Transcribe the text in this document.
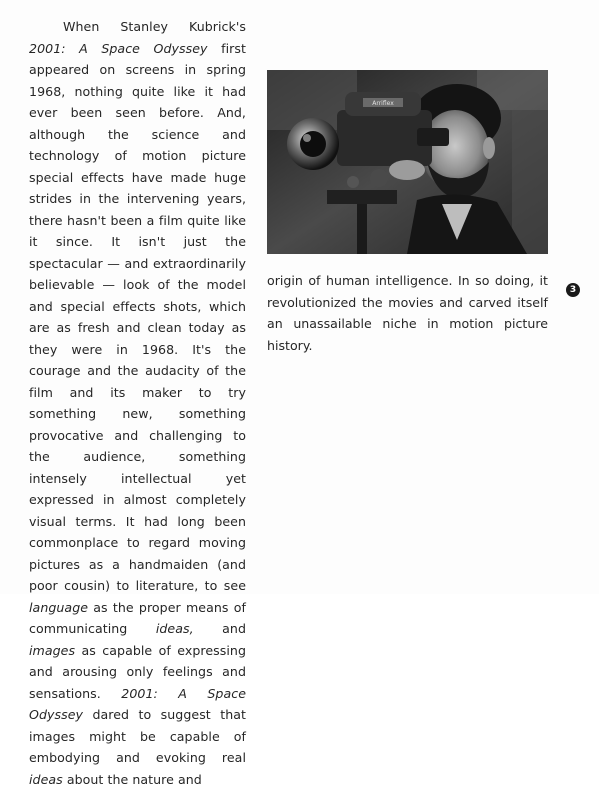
When Stanley Kubrick's 2001: A Space Odyssey first appeared on screens in spring 1968, nothing quite like it had ever been seen before. And, although the science and technology of motion picture special effects have made huge strides in the intervening years, there hasn't been a film quite like it since. It isn't just the spectacular — and extraordinarily believable — look of the model and special effects shots, which are as fresh and clean today as they were in 1968. It's the courage and the audacity of the film and its maker to try something new, something provocative and challenging to the audience, something intensely intellectual yet expressed in almost completely visual terms. It had long been commonplace to regard moving pictures as a handmaiden (and poor cousin) to literature, to see language as the proper means of communicating ideas, and images as capable of expressing and arousing only feelings and sensations. 2001: A Space Odyssey dared to suggest that images might be capable of embodying and evoking real ideas about the nature and

Arriflex

origin of human intelligence. In so doing, it revolutionized the movies and carved itself an unassailable niche in motion picture history.

3
